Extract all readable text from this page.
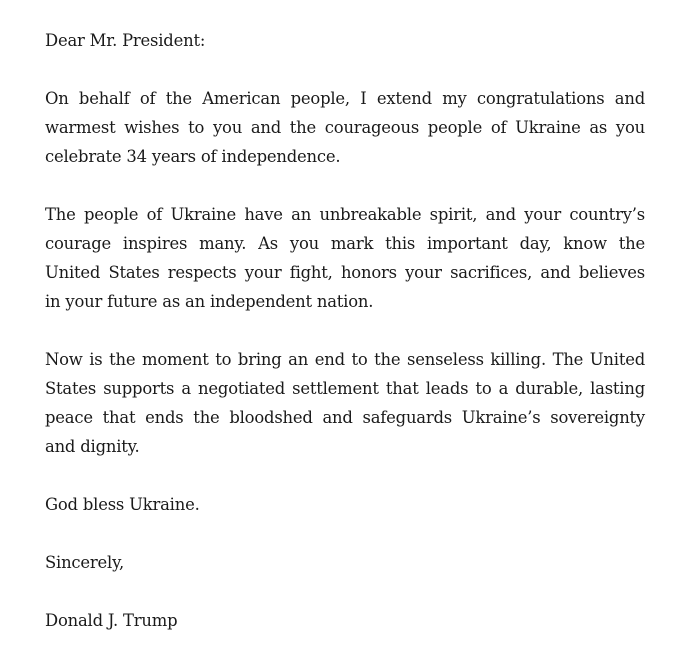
Dear Mr. President:
On behalf of the American people, I extend my congratulations and
warmest wishes to you and the courageous people of Ukraine as you
celebrate 34 years of independence.
The people of Ukraine have an unbreakable spirit, and your country’s
courage inspires many. As you mark this important day, know the
United States respects your fight, honors your sacrifices, and believes
in your future as an independent nation.
Now is the moment to bring an end to the senseless killing. The United
States supports a negotiated settlement that leads to a durable, lasting
peace that ends the bloodshed and safeguards Ukraine’s sovereignty
and dignity.
God bless Ukraine.
Sincerely,
Donald J. Trump
